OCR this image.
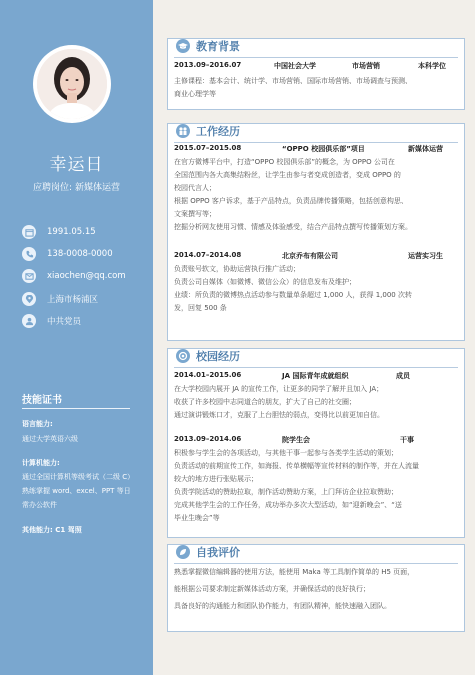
幸运日
应聘岗位: 新媒体运营
1991.05.15
138-0008-0000
xiaochen@qq.com
上海市杨浦区
中共党员
技能证书
语言能力:
通过大学英语六级
计算机能力:
通过全国计算机等级考试（二级 C）
熟练掌握 word、excel、PPT 等日
常办公软件
其他能力: C1 驾照
教育背景
2013.09–2016.07	中国社会大学	市场营销	本科学位

主修课程：基本会计、统计学、市场营销、国际市场营销、市场调查与预测、

商业心理学等

工作经历
2015.07–2015.08	“OPPO 校园俱乐部”项目	新媒体运营

在官方微博平台中，打造“OPPO 校园俱乐部”的概念，为 OPPO 公司在

全国范围内各大高集结粉丝，让学生由参与者变成创造者，变成 OPPO 的

校园代言人；

根据 OPPO 客户诉求，基于产品特点，负责品牌传播策略，包括创意构思、

文案撰写等；

挖掘分析网友使用习惯、情感及体验感受，结合产品特点撰写传播策划方案。

2014.07–2014.08	北京乔布有限公司	运营实习生

负责账号软文，协助运营执行推广活动；

负责公司自媒体（如微博、微信公众）的信息发布及维护；

业绩：所负责的微博热点活动参与数量单条超过 1,000 人，获得 1,000 次转

发，回复 500 条

校园经历
2014.01–2015.06	JA 国际青年成就组织	成员

在大学校园内展开 JA 的宣传工作，让更多的同学了解并且加入 JA；

收获了许多校园中志同道合的朋友，扩大了自己的社交圈；

通过演讲锻炼口才，克服了上台胆怯的弱点，变得比以前更加自信。

2013.09–2014.06	院学生会	干事

积极参与学生会的各项活动，与其他干事一起参与各类学生活动的策划；

负责活动的前期宣传工作，如海报、传单横幅等宣传材料的制作等，并在人流量

较大的地方进行张贴展示；

负责学院活动的赞助拉取，制作活动赞助方案，上门拜访企业拉取赞助；

完成其他学生会的工作任务，成功举办多次大型活动，如“迎新晚会”、“送

毕业生晚会”等

自我评价

熟悉掌握微信编辑器的使用方法，能使用 Maka 等工具制作简单的 H5 页面，

能根据公司要求制定新媒体活动方案，并确保活动的良好执行；

具备良好的沟通能力和团队协作能力，有团队精神，能快速融入团队。
